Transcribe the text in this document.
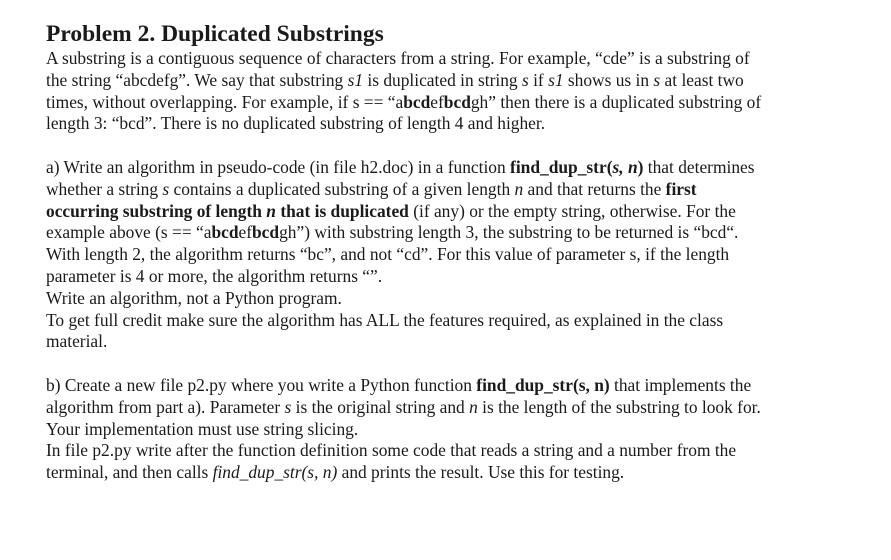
Problem 2. Duplicated Substrings

A substring is a contiguous sequence of characters from a string. For example, “cde” is a substring of
the string “abcdefg”. We say that substring s1 is duplicated in string s if s1 shows us in s at least two
times, without overlapping. For example, if s == “abcdefbcdgh” then there is a duplicated substring of
length 3: “bcd”. There is no duplicated substring of length 4 and higher.

a) Write an algorithm in pseudo-code (in file h2.doc) in a function find_dup_str(s, n) that determines
whether a string s contains a duplicated substring of a given length n and that returns the first
occurring substring of length n that is duplicated (if any) or the empty string, otherwise. For the
example above (s == “abcdefbcdgh”) with substring length 3, the substring to be returned is “bcd“.
With length 2, the algorithm returns “bc”, and not “cd”. For this value of parameter s, if the length
parameter is 4 or more, the algorithm returns “”.
Write an algorithm, not a Python program.
To get full credit make sure the algorithm has ALL the features required, as explained in the class
material.

b) Create a new file p2.py where you write a Python function find_dup_str(s, n) that implements the
algorithm from part a). Parameter s is the original string and n is the length of the substring to look for.
Your implementation must use string slicing.
In file p2.py write after the function definition some code that reads a string and a number from the
terminal, and then calls find_dup_str(s, n) and prints the result. Use this for testing.
